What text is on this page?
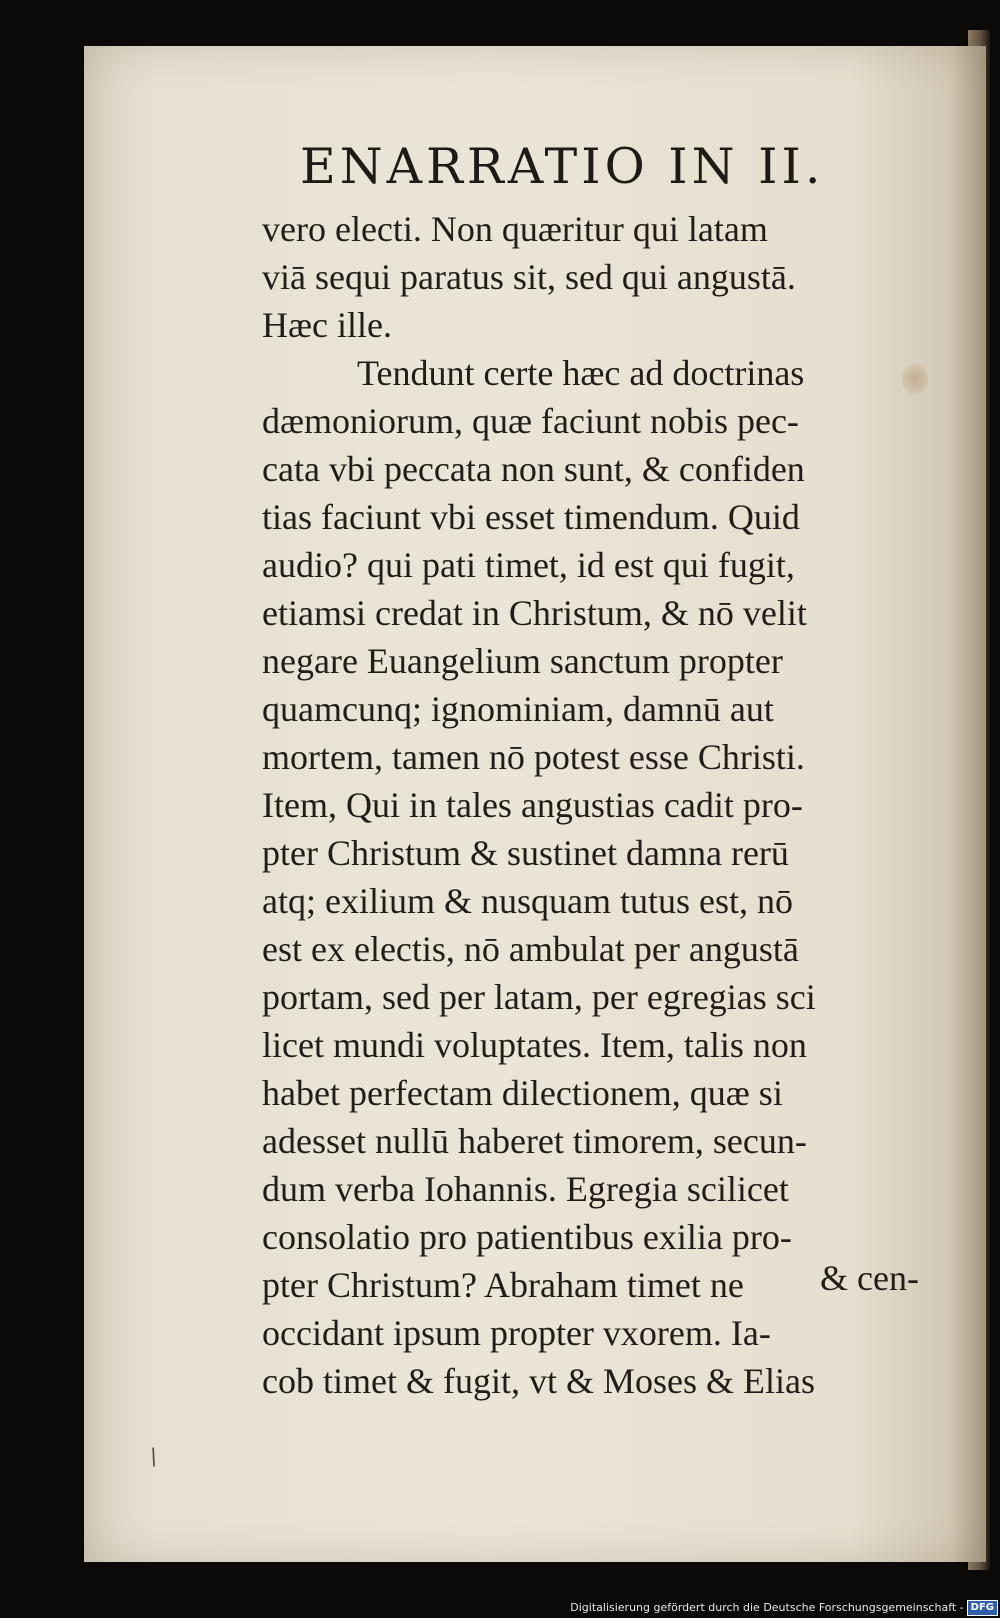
ENARRATIO IN II.
vero electi. Non quæritur qui latam
viā sequi paratus sit, sed qui angustā.
Hæc ille.
Tendunt certe hæc ad doctrinas
dæmoniorum, quæ faciunt nobis pec-
cata vbi peccata non sunt, & confiden
tias faciunt vbi esset timendum. Quid
audio? qui pati timet, id est qui fugit,
etiamsi credat in Christum, & nō velit
negare Euangelium sanctum propter
quamcunq; ignominiam, damnū aut
mortem, tamen nō potest esse Christi.
Item, Qui in tales angustias cadit pro-
pter Christum & sustinet damna rerū
atq; exilium & nusquam tutus est, nō
est ex electis, nō ambulat per angustā
portam, sed per latam, per egregias sci
licet mundi voluptates. Item, talis non
habet perfectam dilectionem, quæ si
adesset nullū haberet timorem, secun-
dum verba Iohannis. Egregia scilicet
consolatio pro patientibus exilia pro-
pter Christum? Abraham timet ne
occidant ipsum propter vxorem. Ia-
cob timet & fugit, vt & Moses & Elias
& cen-
/
Digitalisierung gefördert durch die Deutsche Forschungsgemeinschaft - DFG
